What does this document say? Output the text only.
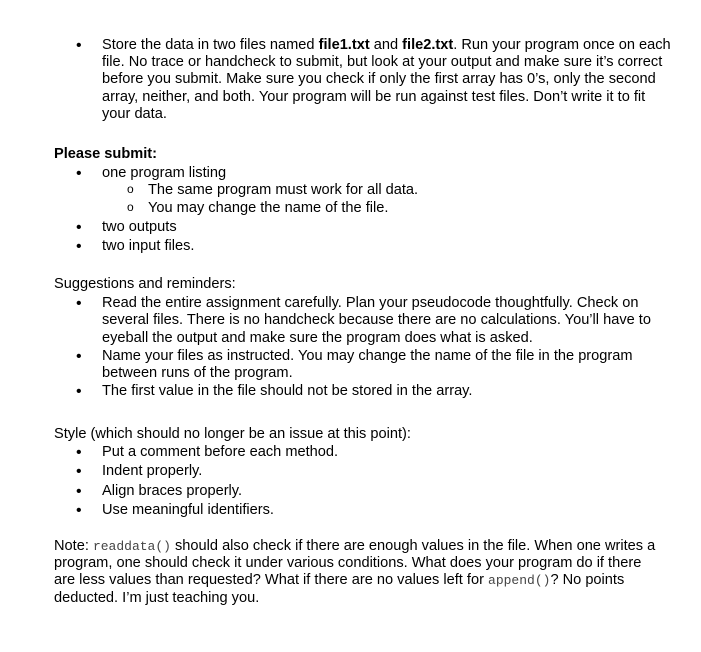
• Store the data in two files named file1.txt and file2.txt. Run your program once on each file. No trace or handcheck to submit, but look at your output and make sure it’s correct before you submit. Make sure you check if only the first array has 0’s, only the second array, neither, and both. Your program will be run against test files. Don’t write it to fit your data.
Please submit:
• one program listing
o The same program must work for all data.
o You may change the name of the file.
• two outputs
• two input files.
Suggestions and reminders:
• Read the entire assignment carefully. Plan your pseudocode thoughtfully. Check on several files. There is no handcheck because there are no calculations. You’ll have to eyeball the output and make sure the program does what is asked.
• Name your files as instructed. You may change the name of the file in the program between runs of the program.
• The first value in the file should not be stored in the array.
Style (which should no longer be an issue at this point):
• Put a comment before each method.
• Indent properly.
• Align braces properly.
• Use meaningful identifiers.
Note: readdata() should also check if there are enough values in the file. When one writes a program, one should check it under various conditions. What does your program do if there are less values than requested? What if there are no values left for append()? No points deducted. I’m just teaching you.
